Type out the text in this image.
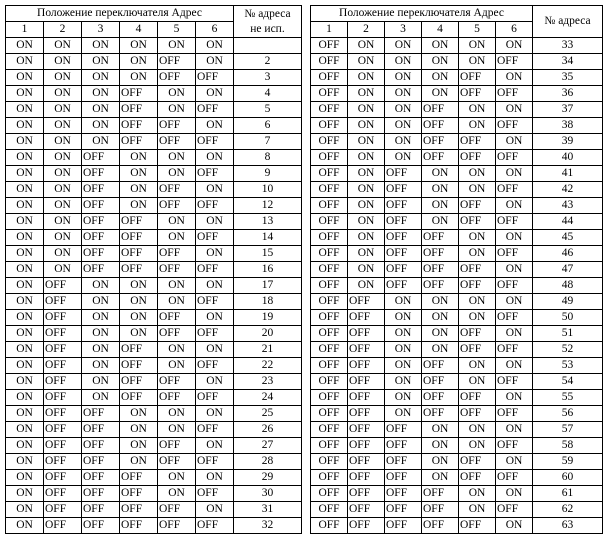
Положение переключателя Адрес						№ адреса
не исп.

1	2	3	4	5	6	
ON	ON	ON	ON	ON	ON	
ON	ON	ON	ON	OFF	ON	2
ON	ON	ON	ON	OFF	OFF	3
ON	ON	ON	OFF	ON	ON	4
ON	ON	ON	OFF	ON	OFF	5
ON	ON	ON	OFF	OFF	ON	6
ON	ON	ON	OFF	OFF	OFF	7
ON	ON	OFF	ON	ON	ON	8
ON	ON	OFF	ON	ON	OFF	9
ON	ON	OFF	ON	OFF	ON	10
ON	ON	OFF	ON	OFF	OFF	12
ON	ON	OFF	OFF	ON	ON	13
ON	ON	OFF	OFF	ON	OFF	14
ON	ON	OFF	OFF	OFF	ON	15
ON	ON	OFF	OFF	OFF	OFF	16
ON	OFF	ON	ON	ON	ON	17
ON	OFF	ON	ON	ON	OFF	18
ON	OFF	ON	ON	OFF	ON	19
ON	OFF	ON	ON	OFF	OFF	20
ON	OFF	ON	OFF	ON	ON	21
ON	OFF	ON	OFF	ON	OFF	22
ON	OFF	ON	OFF	OFF	ON	23
ON	OFF	ON	OFF	OFF	OFF	24
ON	OFF	OFF	ON	ON	ON	25
ON	OFF	OFF	ON	ON	OFF	26
ON	OFF	OFF	ON	OFF	ON	27
ON	OFF	OFF	ON	OFF	OFF	28
ON	OFF	OFF	OFF	ON	ON	29
ON	OFF	OFF	OFF	ON	OFF	30
ON	OFF	OFF	OFF	OFF	ON	31
ON	OFF	OFF	OFF	OFF	OFF	32
Положение переключателя Адрес						№ адреса

1	2	3	4	5	6	
OFF	ON	ON	ON	ON	ON	33
OFF	ON	ON	ON	ON	OFF	34
OFF	ON	ON	ON	OFF	ON	35
OFF	ON	ON	ON	OFF	OFF	36
OFF	ON	ON	OFF	ON	ON	37
OFF	ON	ON	OFF	ON	OFF	38
OFF	ON	ON	OFF	OFF	ON	39
OFF	ON	ON	OFF	OFF	OFF	40
OFF	ON	OFF	ON	ON	ON	41
OFF	ON	OFF	ON	ON	OFF	42
OFF	ON	OFF	ON	OFF	ON	43
OFF	ON	OFF	ON	OFF	OFF	44
OFF	ON	OFF	OFF	ON	ON	45
OFF	ON	OFF	OFF	ON	OFF	46
OFF	ON	OFF	OFF	OFF	ON	47
OFF	ON	OFF	OFF	OFF	OFF	48
OFF	OFF	ON	ON	ON	ON	49
OFF	OFF	ON	ON	ON	OFF	50
OFF	OFF	ON	ON	OFF	ON	51
OFF	OFF	ON	ON	OFF	OFF	52
OFF	OFF	ON	OFF	ON	ON	53
OFF	OFF	ON	OFF	ON	OFF	54
OFF	OFF	ON	OFF	OFF	ON	55
OFF	OFF	ON	OFF	OFF	OFF	56
OFF	OFF	OFF	ON	ON	ON	57
OFF	OFF	OFF	ON	ON	OFF	58
OFF	OFF	OFF	ON	OFF	ON	59
OFF	OFF	OFF	ON	OFF	OFF	60
OFF	OFF	OFF	OFF	ON	ON	61
OFF	OFF	OFF	OFF	ON	OFF	62
OFF	OFF	OFF	OFF	OFF	ON	63
